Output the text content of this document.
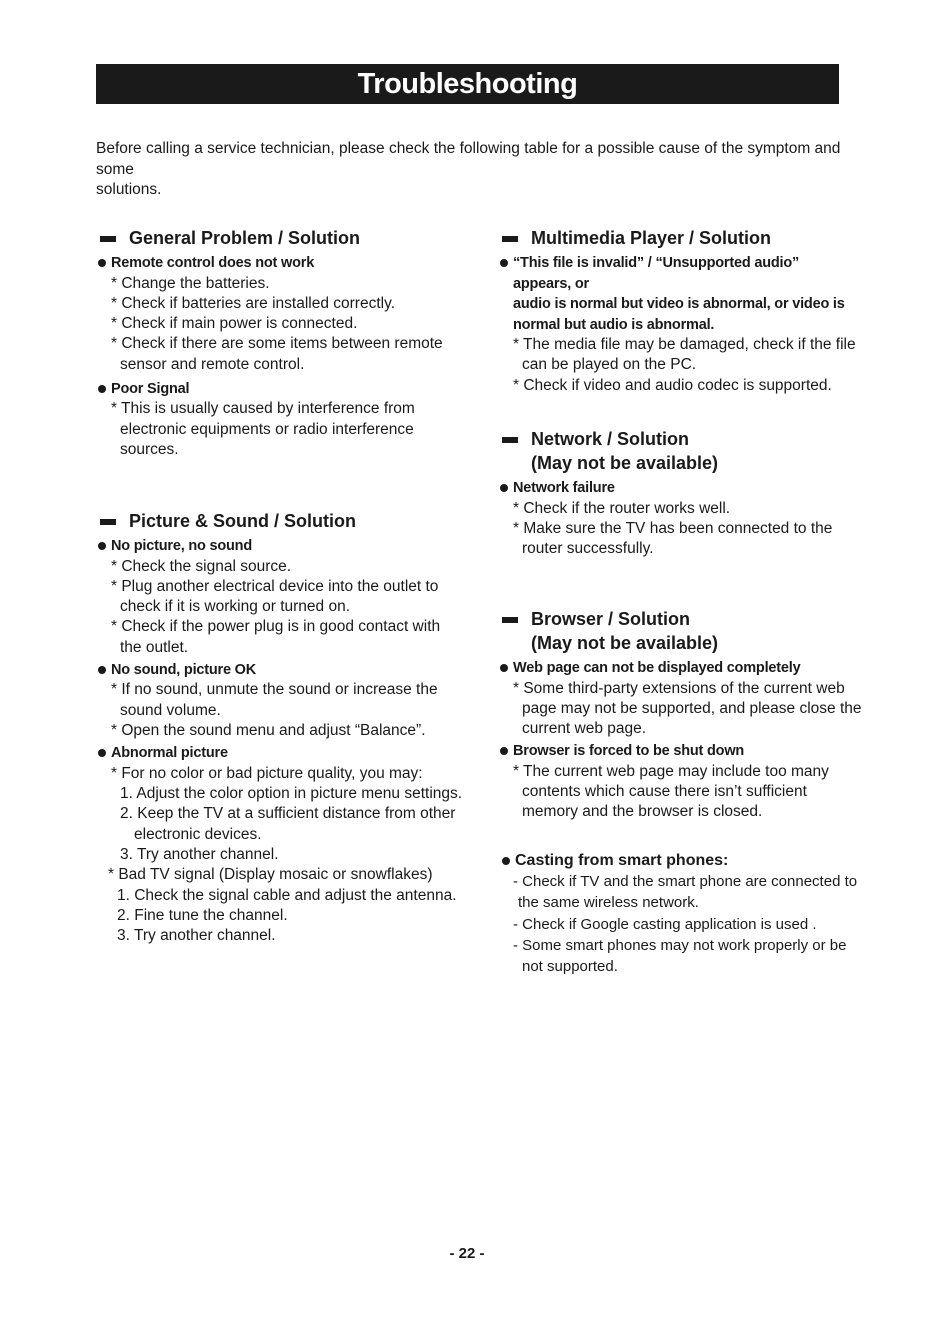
Troubleshooting
Before calling a service technician, please check the following table for a possible cause of the symptom and some
solutions.

General Problem / Solution

Remote control does not work

* Change the batteries.

* Check if batteries are installed correctly.

* Check if main power is connected.

* Check if there are some items between remote

sensor and remote control.

Poor Signal

* This is usually caused by interference from

electronic equipments or radio interference

sources.

Picture & Sound / Solution

No picture, no sound

* Check the signal source.

* Plug another electrical device into the outlet to

check if it is working or turned on.

* Check if the power plug is in good contact with

the outlet.

No sound, picture OK

* If no sound, unmute the sound or increase the

sound volume.

* Open the sound menu and adjust “Balance”.

Abnormal picture

* For no color or bad picture quality, you may:

1. Adjust the color option in picture menu settings.

2. Keep the TV at a sufficient distance from other

electronic devices.

3. Try another channel.

* Bad TV signal (Display mosaic or snowflakes)

1. Check the signal cable and adjust the antenna.

2. Fine tune the channel.

3. Try another channel.

Multimedia Player / Solution

“This file is invalid” / “Unsupported audio” appears, or

audio is normal but video is abnormal, or video is

normal but audio is abnormal.

* The media file may be damaged, check if the file

can be played on the PC.

* Check if video and audio codec is supported.

Network / Solution
(May not be available)

Network failure

* Check if the router works well.

* Make sure the TV has been connected to the

router successfully.

Browser / Solution
(May not be available)

Web page can not be displayed completely

* Some third-party extensions of the current web

page may not be supported, and please close the

current web page.

Browser is forced to be shut down

* The current web page may include too many

contents which cause there isn’t sufficient

memory and the browser is closed.

Casting from smart phones:

- Check if TV and the smart phone are connected to

the same wireless network.

- Check if Google casting application is used .

- Some smart phones may not work properly or be

not supported.

- 22 -
